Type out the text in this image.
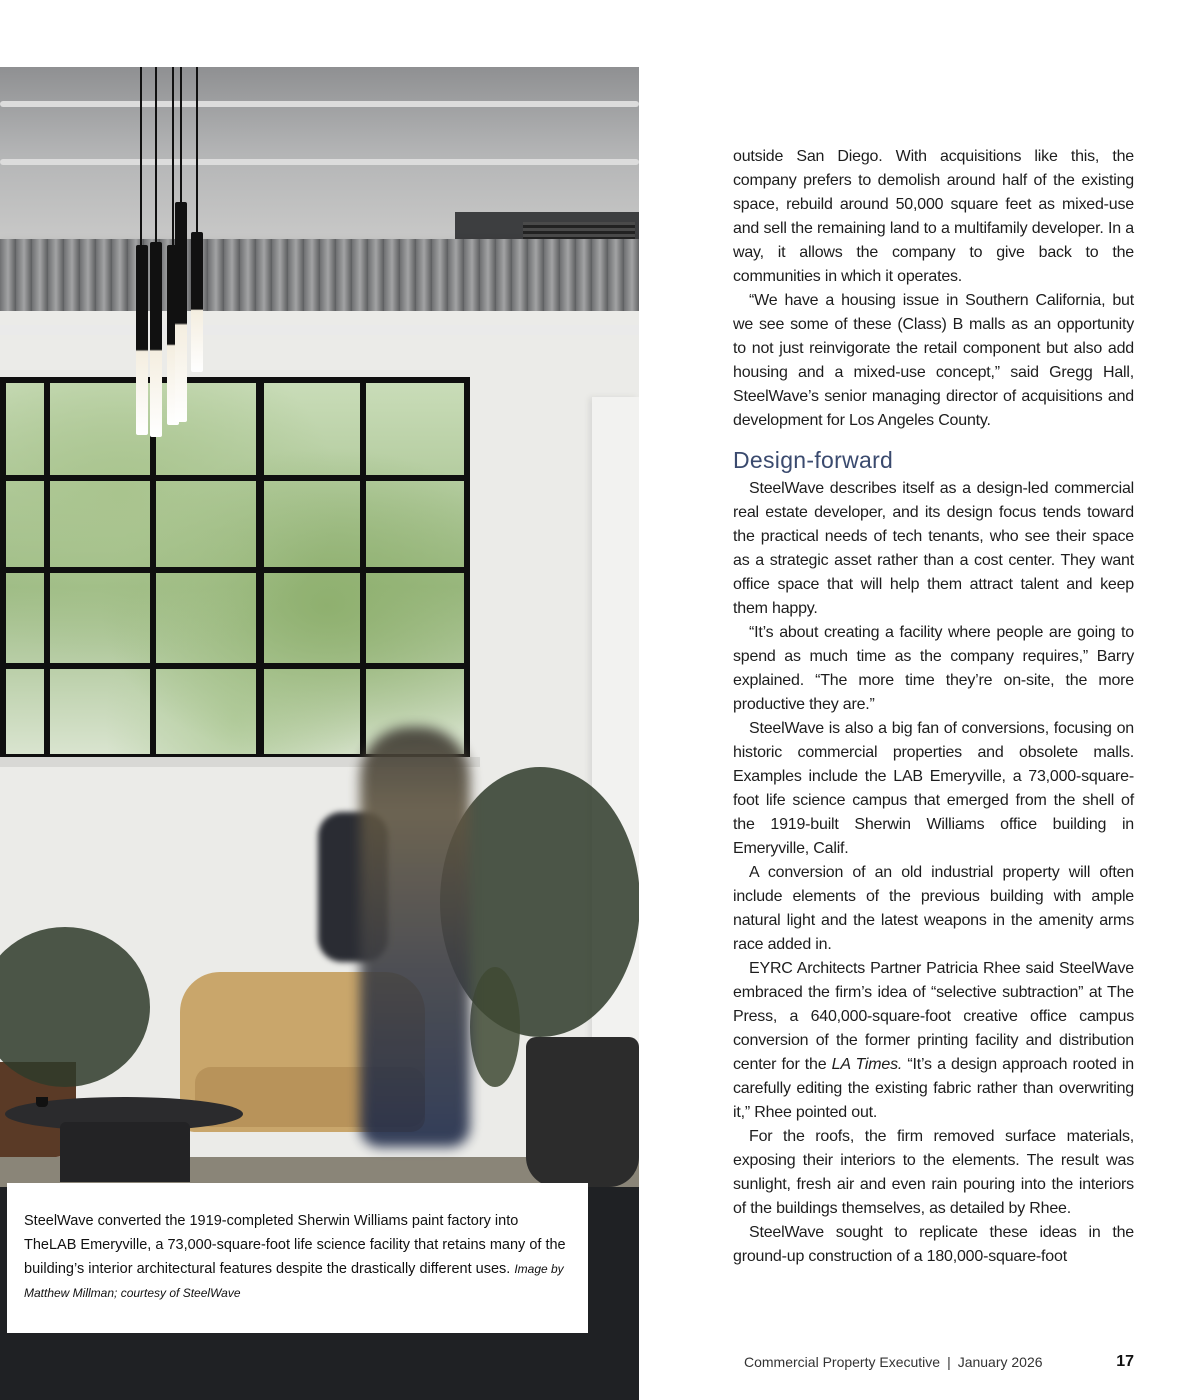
SteelWave converted the 1919-completed Sherwin Williams paint factory into TheLAB Emeryville, a 73,000-square-foot life science facility that retains many of the building’s interior architectural features despite the drastically different uses. Image by Matthew Millman; courtesy of SteelWave

outside San Diego. With acquisitions like this, the company prefers to demolish around half of the existing space, rebuild around 50,000 square feet as mixed-use and sell the remaining land to a multifamily developer. In a way, it allows the company to give back to the communities in which it operates.

“We have a housing issue in Southern California, but we see some of these (Class) B malls as an opportunity to not just reinvigorate the retail component but also add housing and a mixed-use concept,” said Gregg Hall, SteelWave’s senior managing director of acquisitions and development for Los Angeles County.

Design-forward

SteelWave describes itself as a design-led commercial real estate developer, and its design focus tends toward the practical needs of tech tenants, who see their space as a strategic asset rather than a cost center. They want office space that will help them attract talent and keep them happy.

“It’s about creating a facility where people are going to spend as much time as the company requires,” Barry explained. “The more time they’re on-site, the more productive they are.”

SteelWave is also a big fan of conversions, focusing on historic commercial properties and obsolete malls. Examples include the LAB Emeryville, a 73,000-square-foot life science campus that emerged from the shell of the 1919-built Sherwin Williams office building in Emeryville, Calif.

A conversion of an old industrial property will often include elements of the previous building with ample natural light and the latest weapons in the amenity arms race added in.

EYRC Architects Partner Patricia Rhee said SteelWave embraced the firm’s idea of “selective subtraction” at The Press, a 640,000-square-foot creative office campus conversion of the former printing facility and distribution center for the LA Times. “It’s a design approach rooted in carefully editing the existing fabric rather than overwriting it,” Rhee pointed out.

For the roofs, the firm removed surface materials, exposing their interiors to the elements. The result was sunlight, fresh air and even rain pouring into the interiors of the buildings themselves, as detailed by Rhee.

SteelWave sought to replicate these ideas in the ground-up construction of a 180,000-square-foot

Commercial Property Executive | January 2026	17
